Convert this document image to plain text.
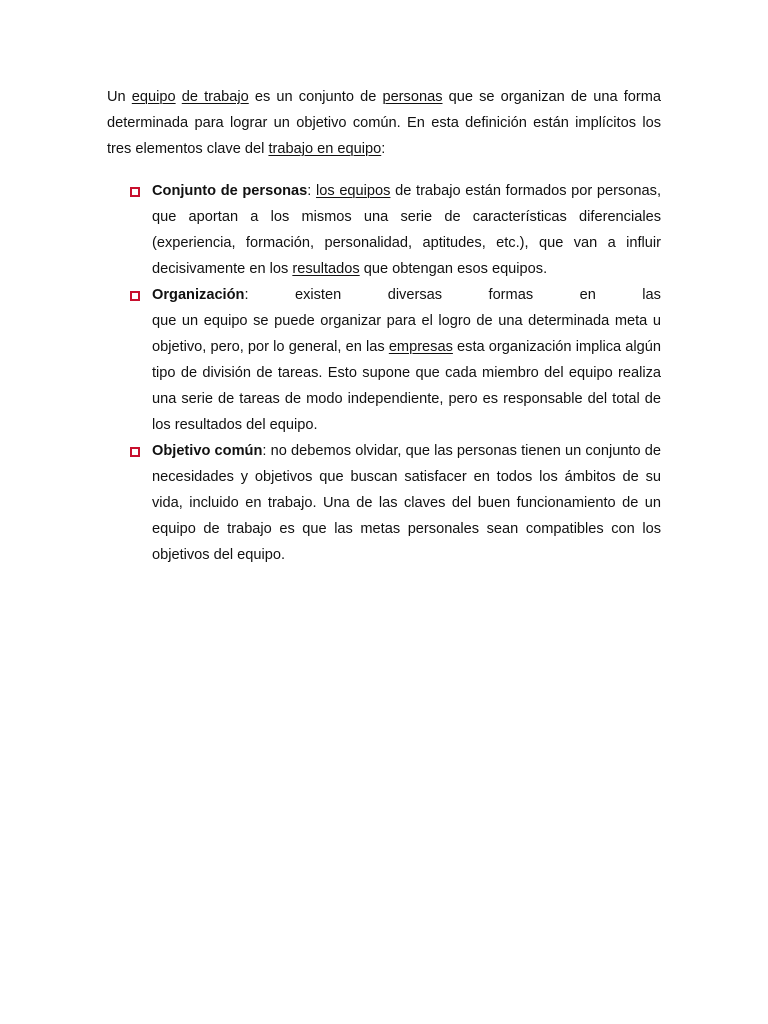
Un equipo de trabajo es un conjunto de personas que se organizan de una forma determinada para lograr un objetivo común. En esta definición están implícitos los tres elementos clave del trabajo en equipo:

Conjunto de personas: los equipos de trabajo están formados por personas, que aportan a los mismos una serie de características diferenciales (experiencia, formación, personalidad, aptitudes, etc.), que van a influir decisivamente en los resultados que obtengan esos equipos.
Organización:	existen	diversas	formas	en	las
que un equipo se puede organizar para el logro de una determinada meta u objetivo, pero, por lo general, en las empresas esta organización implica algún tipo de división de tareas. Esto supone que cada miembro del equipo realiza una serie de tareas de modo independiente, pero es responsable del total de los resultados del equipo.
Objetivo común: no debemos olvidar, que las personas tienen un conjunto de necesidades y objetivos que buscan satisfacer en todos los ámbitos de su vida, incluido en trabajo. Una de las claves del buen funcionamiento de un equipo de trabajo es que las metas personales sean compatibles con los objetivos del equipo.
